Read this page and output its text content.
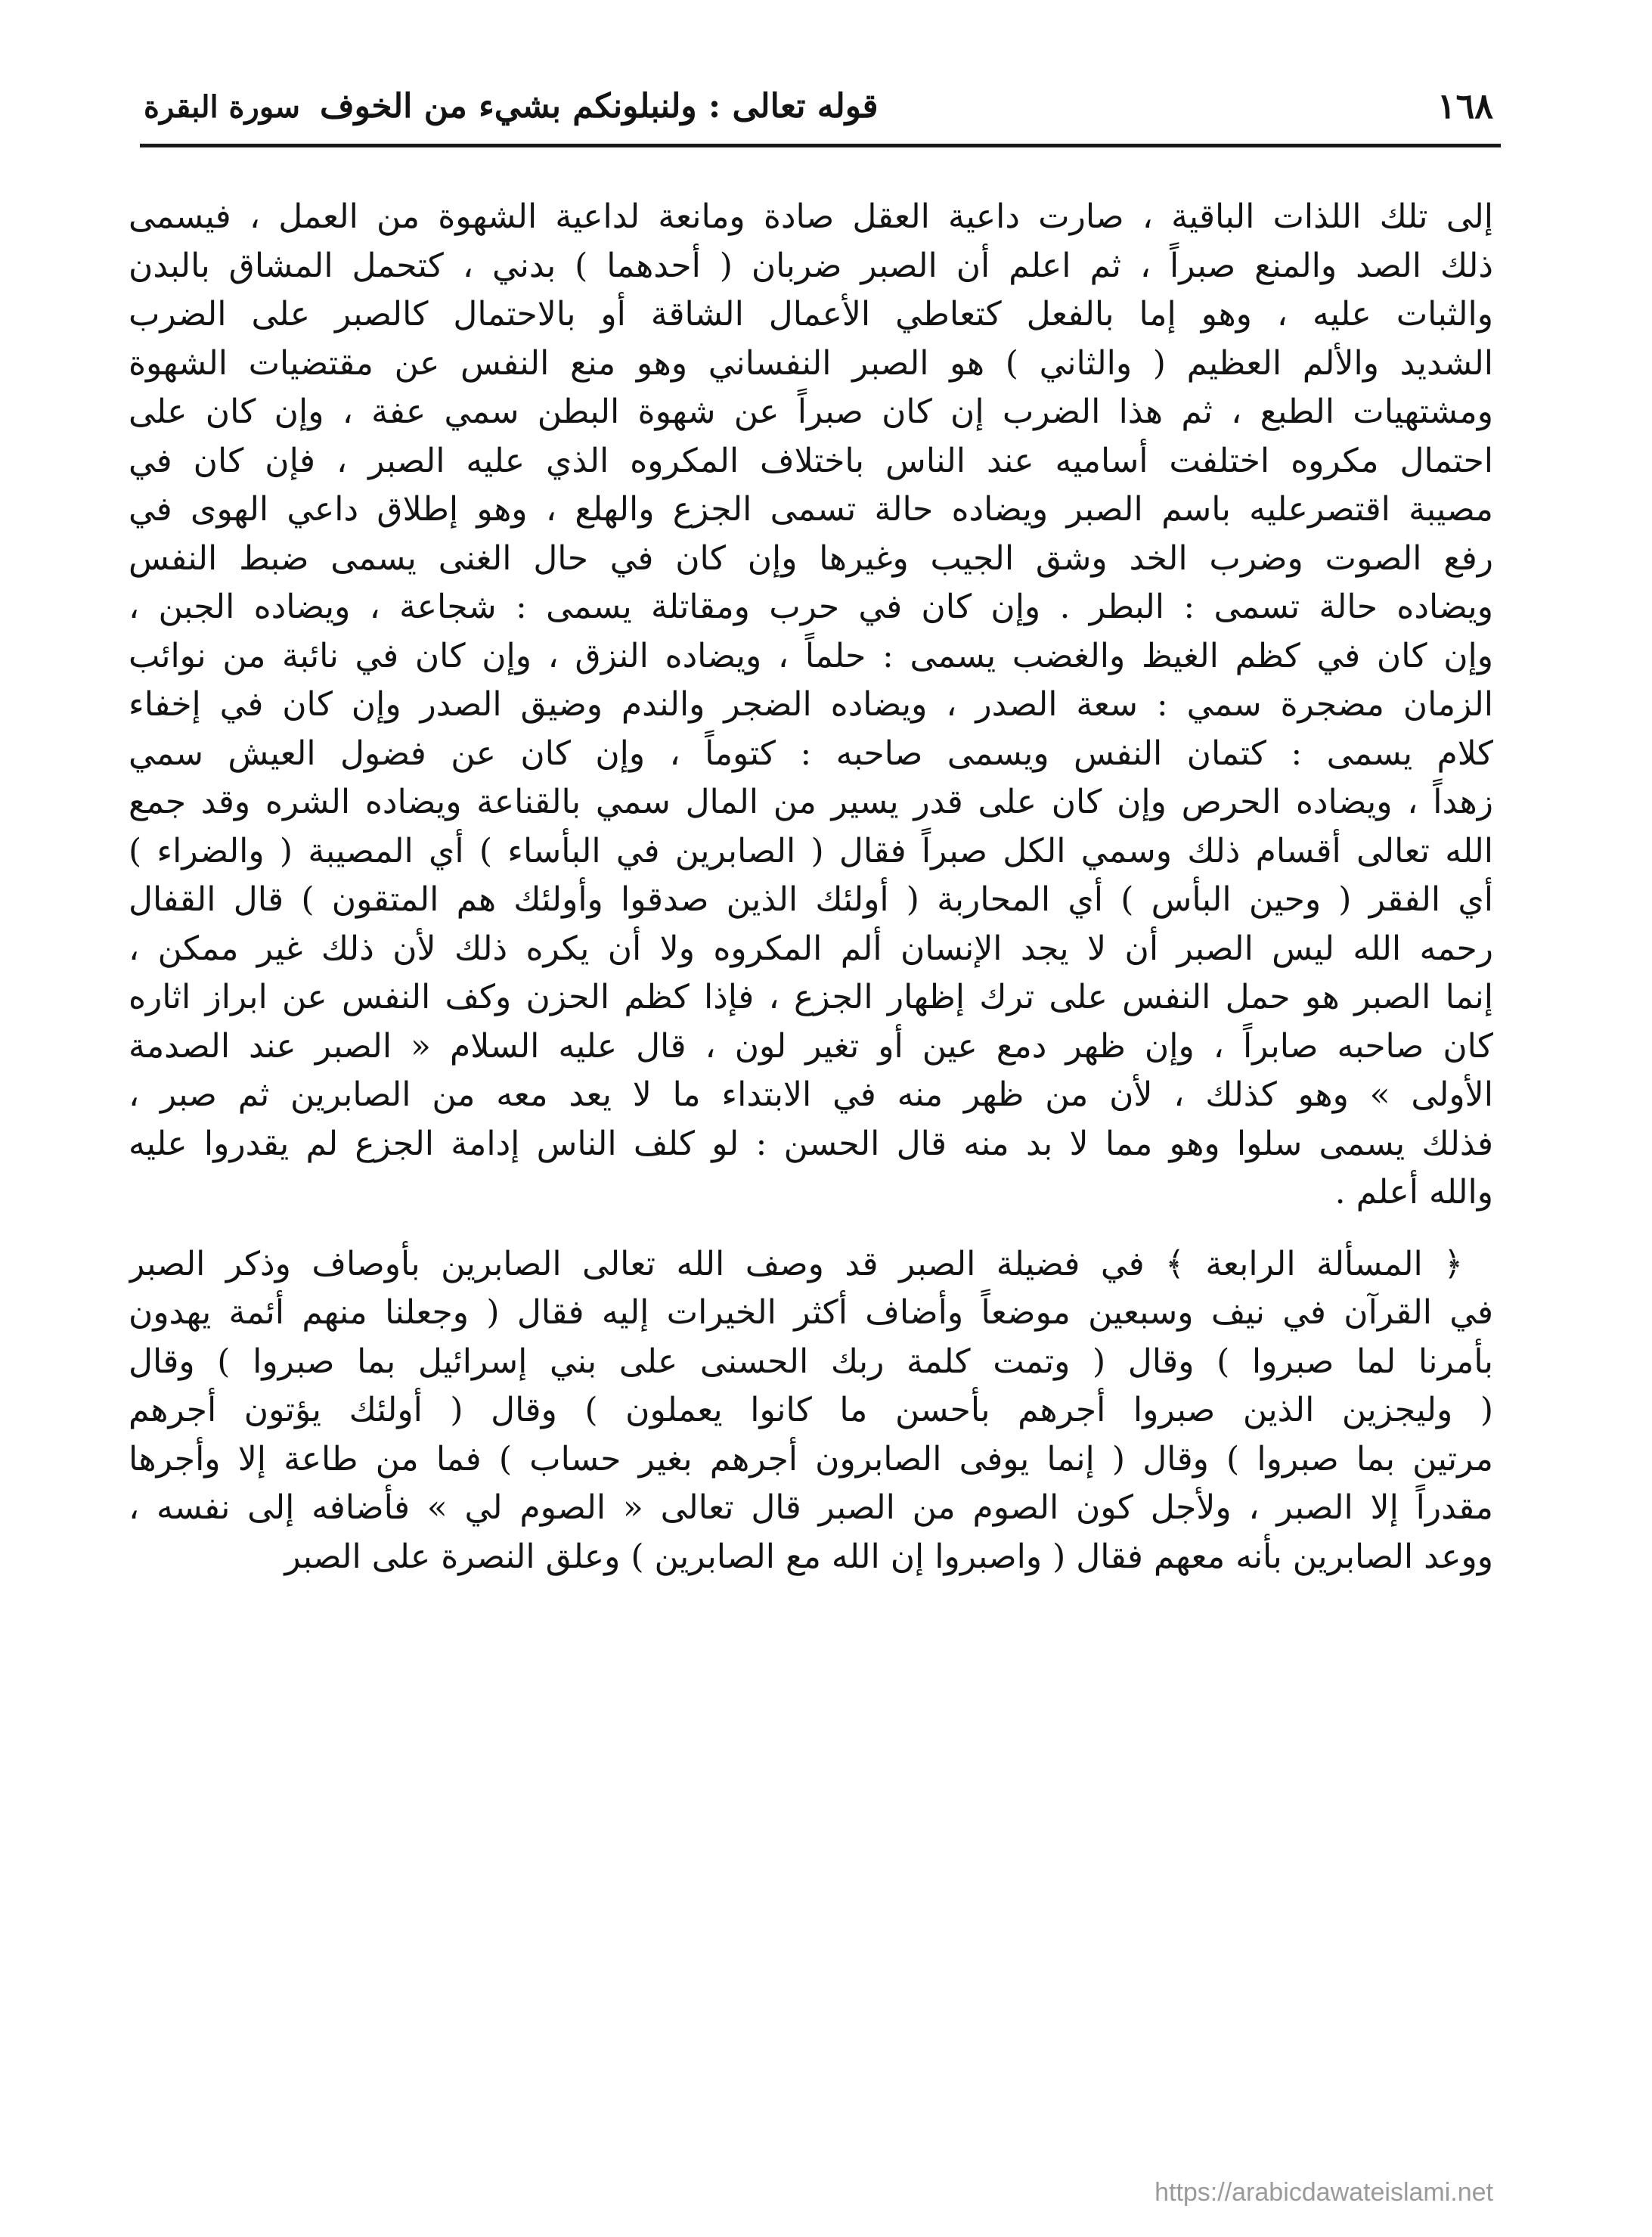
١٦٨
قوله تعالى : ولنبلونكم بشيء من الخوف
سورة البقرة
إلى تلك اللذات الباقية ، صارت داعية العقل صادة ومانعة لداعية الشهوة من العمل ، فيسمى
ذلك الصد والمنع صبراً ، ثم اعلم أن الصبر ضربان ( أحدهما ) بدني ، كتحمل المشاق بالبدن
والثبات عليه ، وهو إما بالفعل كتعاطي الأعمال الشاقة أو بالاحتمال كالصبر على الضرب
الشديد والألم العظيم ( والثاني ) هو الصبر النفساني وهو منع النفس عن مقتضيات الشهوة
ومشتهيات الطبع ، ثم هذا الضرب إن كان صبراً عن شهوة البطن سمي عفة ، وإن كان على
احتمال مكروه اختلفت أساميه عند الناس باختلاف المكروه الذي عليه الصبر ، فإن كان في
مصيبة اقتصرعليه باسم الصبر ويضاده حالة تسمى الجزع والهلع ، وهو إطلاق داعي الهوى في
رفع الصوت وضرب الخد وشق الجيب وغيرها وإن كان في حال الغنى يسمى ضبط النفس
ويضاده حالة تسمى : البطر . وإن كان في حرب ومقاتلة يسمى : شجاعة ، ويضاده الجبن ،
وإن كان في كظم الغيظ والغضب يسمى : حلماً ، ويضاده النزق ، وإن كان في نائبة من نوائب
الزمان مضجرة سمي : سعة الصدر ، ويضاده الضجر والندم وضيق الصدر وإن كان في إخفاء
كلام يسمى : كتمان النفس ويسمى صاحبه : كتوماً ، وإن كان عن فضول العيش سمي
زهداً ، ويضاده الحرص وإن كان على قدر يسير من المال سمي بالقناعة ويضاده الشره وقد جمع
الله تعالى أقسام ذلك وسمي الكل صبراً فقال ( الصابرين في البأساء ) أي المصيبة ( والضراء )
أي الفقر ( وحين البأس ) أي المحاربة ( أولئك الذين صدقوا وأولئك هم المتقون ) قال القفال
رحمه الله ليس الصبر أن لا يجد الإنسان ألم المكروه ولا أن يكره ذلك لأن ذلك غير ممكن ،
إنما الصبر هو حمل النفس على ترك إظهار الجزع ، فإذا كظم الحزن وكف النفس عن ابراز اثاره
كان صاحبه صابراً ، وإن ظهر دمع عين أو تغير لون ، قال عليه السلام « الصبر عند الصدمة
الأولى » وهو كذلك ، لأن من ظهر منه في الابتداء ما لا يعد معه من الصابرين ثم صبر ،
فذلك يسمى سلوا وهو مما لا بد منه قال الحسن : لو كلف الناس إدامة الجزع لم يقدروا عليه
والله أعلم .
﴿ المسألة الرابعة ﴾ في فضيلة الصبر قد وصف الله تعالى الصابرين بأوصاف وذكر الصبر
في القرآن في نيف وسبعين موضعاً وأضاف أكثر الخيرات إليه فقال ( وجعلنا منهم أئمة يهدون
بأمرنا لما صبروا ) وقال ( وتمت كلمة ربك الحسنى على بني إسرائيل بما صبروا ) وقال
( وليجزين الذين صبروا أجرهم بأحسن ما كانوا يعملون ) وقال ( أولئك يؤتون أجرهم
مرتين بما صبروا ) وقال ( إنما يوفى الصابرون أجرهم بغير حساب ) فما من طاعة إلا وأجرها
مقدراً إلا الصبر ، ولأجل كون الصوم من الصبر قال تعالى « الصوم لي » فأضافه إلى نفسه ،
ووعد الصابرين بأنه معهم فقال ( واصبروا إن الله مع الصابرين ) وعلق النصرة على الصبر
https://arabicdawateislami.net
